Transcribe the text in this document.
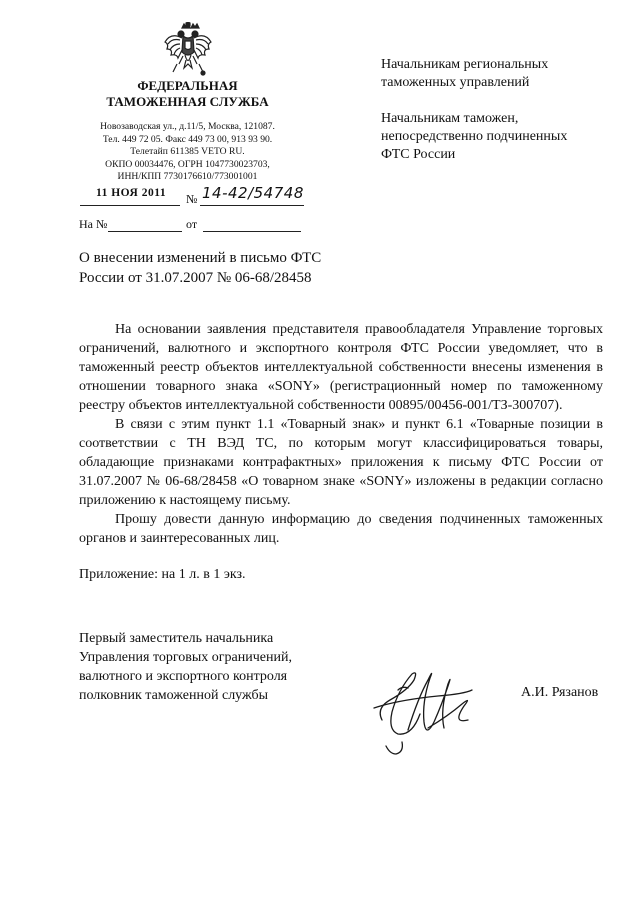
ФЕДЕРАЛЬНАЯ
ТАМОЖЕННАЯ СЛУЖБА
Новозаводская ул., д.11/5, Москва, 121087.
Тел. 449 72 05. Факс 449 73 00, 913 93 90.
Телетайп 611385 VETO RU.
ОКПО 00034476, ОГРН 1047730023703,
ИНН/КПП 7730176610/773001001
11 НОЯ 2011 № 14-42/54748
На №	от
О внесении изменений в письмо ФТС
России от 31.07.2007 № 06-68/28458
Начальникам региональных
таможенных управлений
Начальникам таможен,
непосредственно подчиненных
ФТС России

На основании заявления представителя правообладателя Управление торговых ограничений, валютного и экспортного контроля ФТС России уведомляет, что в таможенный реестр объектов интеллектуальной собственности внесены изменения в отношении товарного знака «SONY» (регистрационный номер по таможенному реестру объектов интеллектуальной собственности 00895/00456-001/ТЗ-300707).

В связи с этим пункт 1.1 «Товарный знак» и пункт 6.1 «Товарные позиции в соответствии с ТН ВЭД ТС, по которым могут классифицироваться товары, обладающие признаками контрафактных» приложения к письму ФТС России от 31.07.2007 № 06-68/28458 «О товарном знаке «SONY» изложены в редакции согласно приложению к настоящему письму.

Прошу довести данную информацию до сведения подчиненных таможенных органов и заинтересованных лиц.

Приложение: на 1 л. в 1 экз.
Первый заместитель начальника
Управления торговых ограничений,
валютного и экспортного контроля
полковник таможенной службы	А.И. Рязанов
